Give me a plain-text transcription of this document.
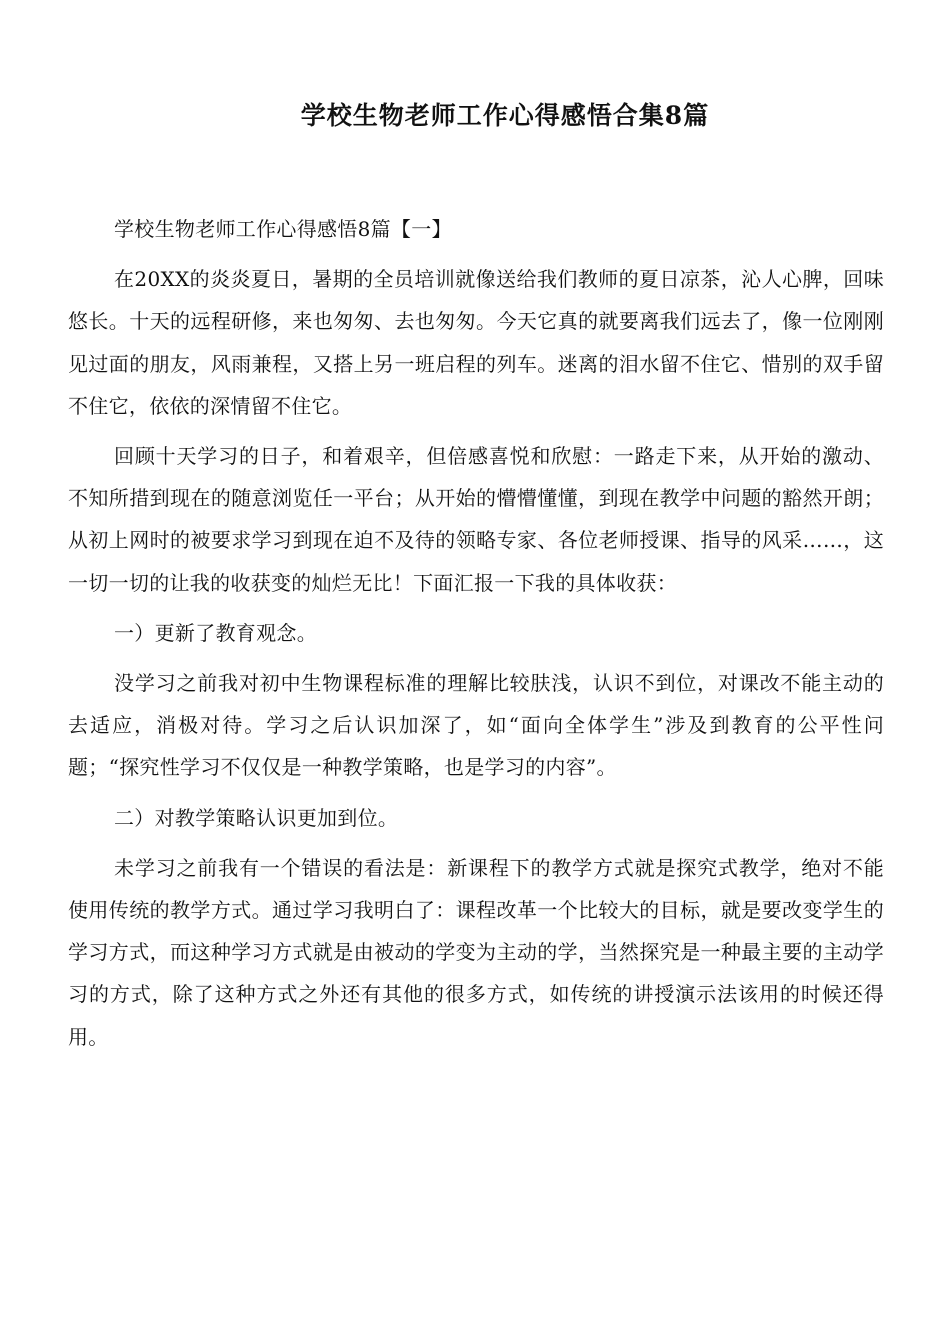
学校生物老师工作心得感悟合集8篇

学校生物老师工作心得感悟8篇【一】

在20XX的炎炎夏日，暑期的全员培训就像送给我们教师的夏日凉茶，沁人心脾，回味悠长。十天的远程研修，来也匆匆、去也匆匆。今天它真的就要离我们远去了，像一位刚刚见过面的朋友，风雨兼程，又搭上另一班启程的列车。迷离的泪水留不住它、惜别的双手留不住它，依依的深情留不住它。

回顾十天学习的日子，和着艰辛，但倍感喜悦和欣慰：一路走下来，从开始的激动、不知所措到现在的随意浏览任一平台；从开始的懵懵懂懂，到现在教学中问题的豁然开朗；从初上网时的被要求学习到现在迫不及待的领略专家、各位老师授课、指导的风采……，这一切一切的让我的收获变的灿烂无比！下面汇报一下我的具体收获：

一）更新了教育观念。

没学习之前我对初中生物课程标准的理解比较肤浅，认识不到位，对课改不能主动的去适应，消极对待。学习之后认识加深了，如“面向全体学生”涉及到教育的公平性问题；“探究性学习不仅仅是一种教学策略，也是学习的内容”。

二）对教学策略认识更加到位。

未学习之前我有一个错误的看法是：新课程下的教学方式就是探究式教学，绝对不能使用传统的教学方式。通过学习我明白了：课程改革一个比较大的目标，就是要改变学生的学习方式，而这种学习方式就是由被动的学变为主动的学，当然探究是一种最主要的主动学习的方式，除了这种方式之外还有其他的很多方式，如传统的讲授演示法该用的时候还得用。
